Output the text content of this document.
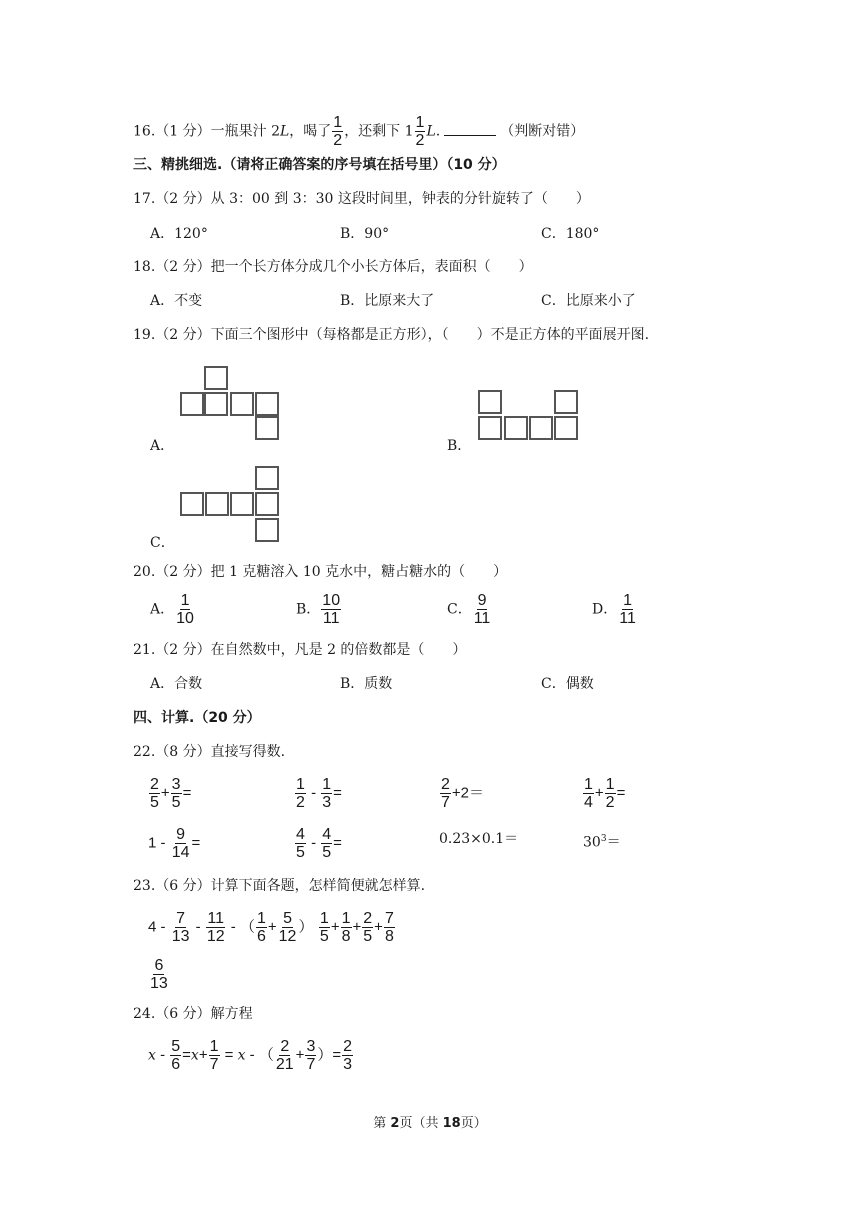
16.（1 分）一瓶果汁 2L，喝了 $\frac{1}{2}$ ，还剩下 $1 \frac{1}{2} L$.	（判断对错）
三、精挑细选.（请将正确答案的序号填在括号里）（10 分）
17.（2 分）从 3：00 到 3：30 这段时间里，钟表的分针旋转了（　　）
A．120°	B．90°	C．180°
18.（2 分）把一个长方体分成几个小长方体后，表面积（　　）
A．不变	B．比原来大了	C．比原来小了
19.（2 分）下面三个图形中（每格都是正方形），（　　）不是正方体的平面展开图.
A．	B．
C．
20.（2 分）把 1 克糖溶入 10 克水中，糖占糖水的（　　）
A． $\frac{1}{10}$	B． $\frac{10}{11}$	C． $\frac{9}{11}$	D． $\frac{1}{11}$
21.（2 分）在自然数中，凡是 2 的倍数都是（　　）
A．合数	B．质数	C．偶数
四、计算.（20 分）
22.（8 分）直接写得数.
$\frac{2}{5} + \frac{3}{5}$ =	$\frac{1}{2} - \frac{1}{3}$ =	$\frac{2}{7} +2=$	$\frac{1}{4} + \frac{1}{2}$ =
$1 - \frac{9}{14}$ =	$\frac{4}{5} - \frac{4}{5}$ =	0.23×0.1＝	$30^3=$
23.（6 分）计算下面各题，怎样简便就怎样算.
$4 - \frac{7}{13} - \frac{11}{12}$ - （ $\frac{1}{6} + \frac{5}{12}$ ） $\frac{1}{5} + \frac{1}{8} + \frac{2}{5} + \frac{7}{8}$
$\frac{6}{13}$
24.（6 分）解方程
$x - \frac{5}{6} =x+ \frac{1}{7} = x$ - （ $\frac{2}{21} + \frac{3}{7}$ ）= $\frac{2}{3}$
第 2页（共 18页）
